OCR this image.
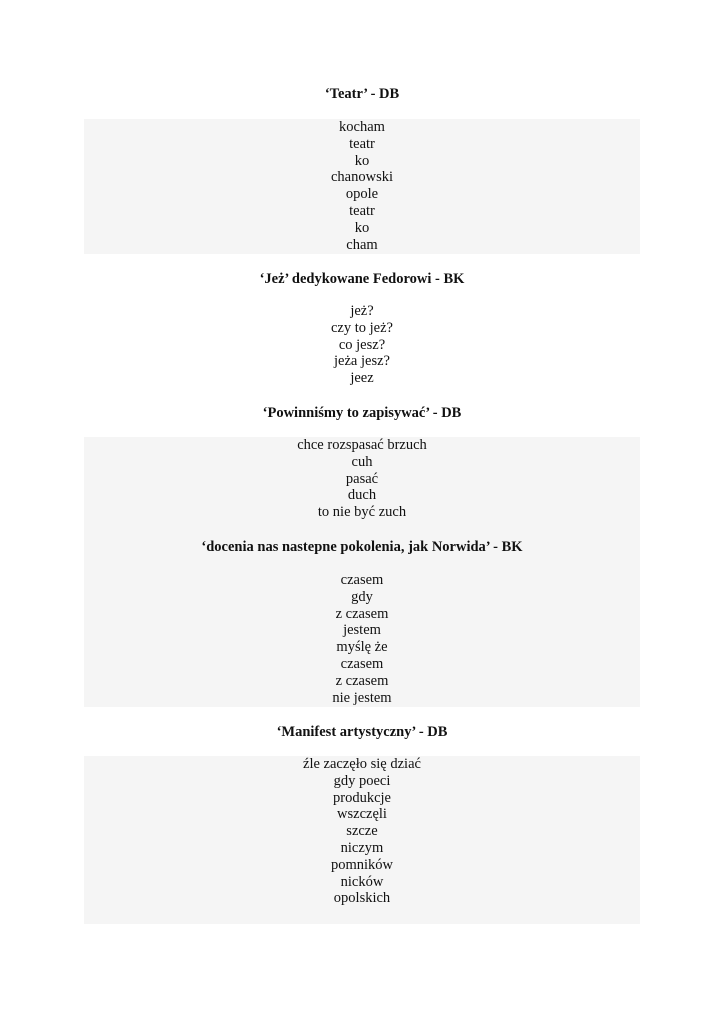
‘Teatr’ - DB
kocham
teatr
ko
chanowski
opole
teatr
ko
cham
‘Jeż’ dedykowane Fedorowi - BK
jeż?
czy to jeż?
co jesz?
jeża jesz?
jeez
‘Powinniśmy to zapisywać’ - DB
chce rozspasać brzuch
cuh
pasać
duch
to nie być zuch
‘docenia nas nastepne pokolenia, jak Norwida’ - BK
czasem
gdy
z czasem
jestem
myślę że
czasem
z czasem
nie jestem
‘Manifest artystyczny’ - DB
źle zaczęło się dziać
gdy poeci
produkcje
wszczęli
szcze
niczym
pomników
nicków
opolskich
